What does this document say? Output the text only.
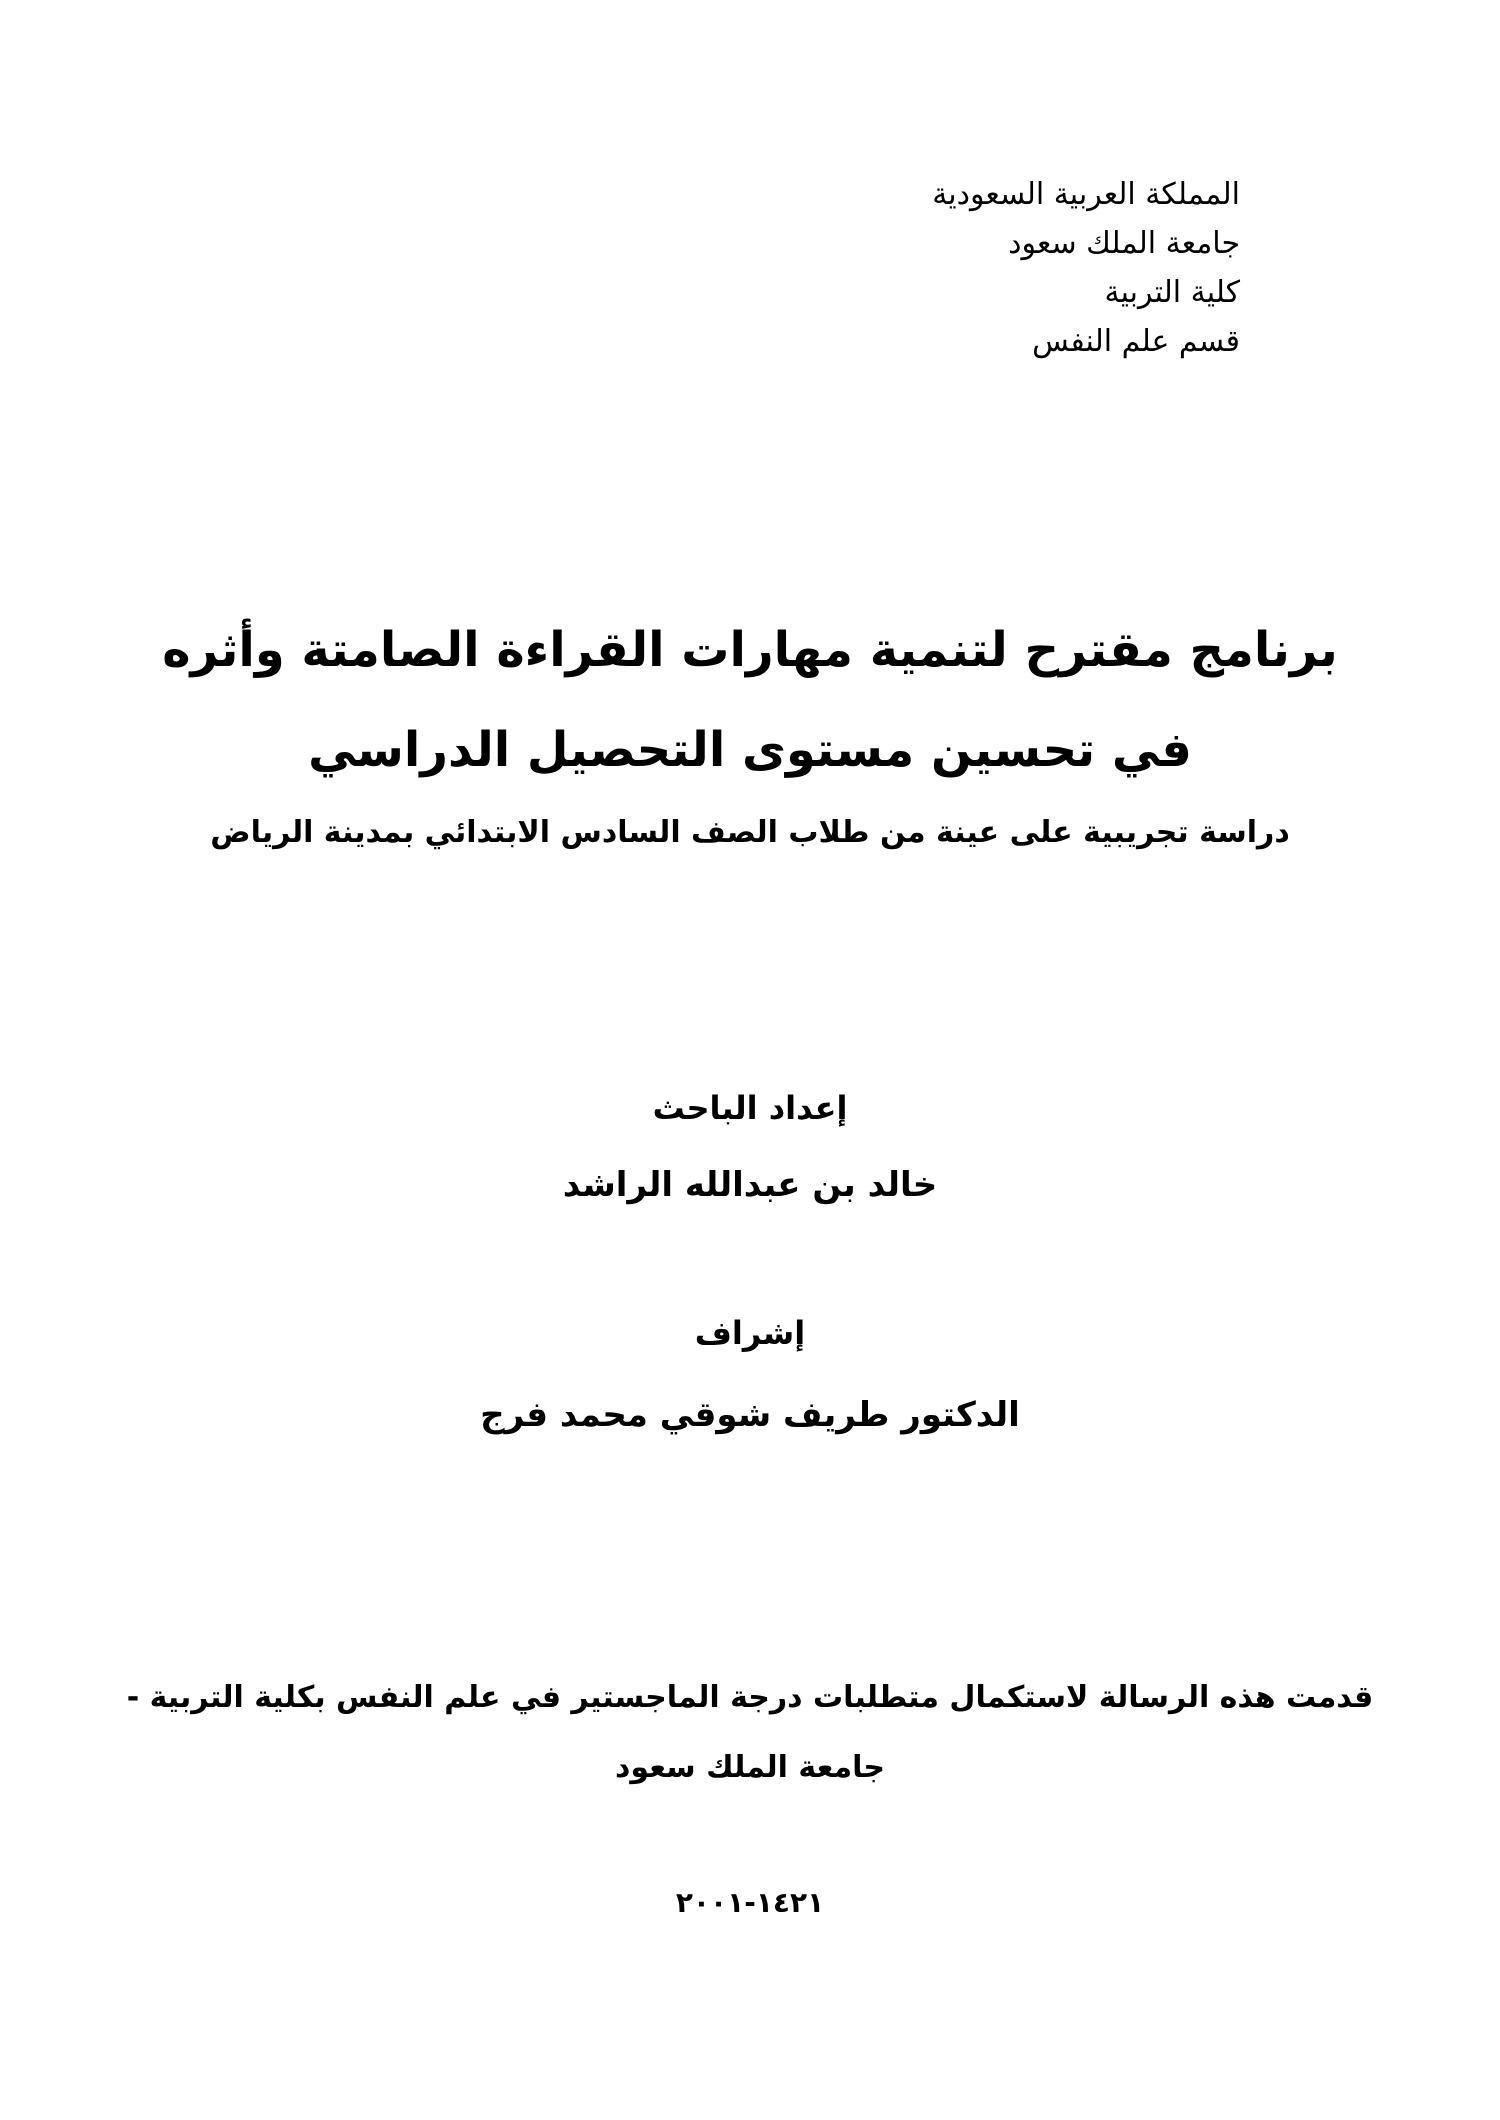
المملكة العربية السعودية
جامعة الملك سعود
كلية التربية
قسم علم النفس
برنامج مقترح لتنمية مهارات القراءة الصامتة وأثره
في تحسين مستوى التحصيل الدراسي
دراسة تجريبية على عينة من طلاب الصف السادس الابتدائي بمدينة الرياض
إعداد الباحث
خالد بن عبدالله الراشد
إشراف
الدكتور طريف شوقي محمد فرج
قدمت هذه الرسالة لاستكمال متطلبات درجة الماجستير في علم النفس بكلية التربية -
جامعة الملك سعود
١٤٢١-٢٠٠١
